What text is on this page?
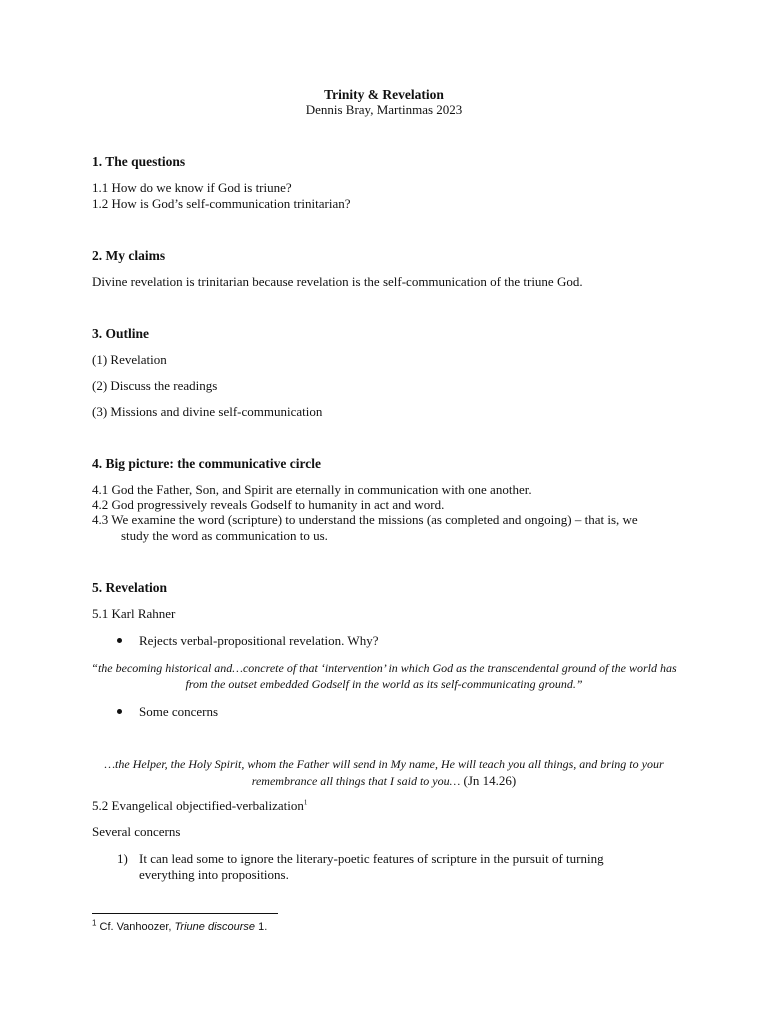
Trinity & Revelation
Dennis Bray, Martinmas 2023
1. The questions
1.1 How do we know if God is triune?
1.2 How is God’s self-communication trinitarian?
2. My claims
Divine revelation is trinitarian because revelation is the self-communication of the triune God.
3. Outline
(1) Revelation
(2) Discuss the readings
(3) Missions and divine self-communication
4. Big picture: the communicative circle
4.1 God the Father, Son, and Spirit are eternally in communication with one another.
4.2 God progressively reveals Godself to humanity in act and word.
4.3 We examine the word (scripture) to understand the missions (as completed and ongoing) – that is, we
study the word as communication to us.
5. Revelation
5.1 Karl Rahner
Rejects verbal-propositional revelation. Why?
“the becoming historical and…concrete of that ‘intervention’ in which God as the transcendental ground of the world has
from the outset embedded Godself in the world as its self-communicating ground.”
Some concerns
…the Helper, the Holy Spirit, whom the Father will send in My name, He will teach you all things, and bring to your
remembrance all things that I said to you… (Jn 14.26)
5.2 Evangelical objectified-verbalization$^1$
Several concerns
1) It can lead some to ignore the literary-poetic features of scripture in the pursuit of turning
everything into propositions.
$^1$ Cf. Vanhoozer, Triune discourse 1.
